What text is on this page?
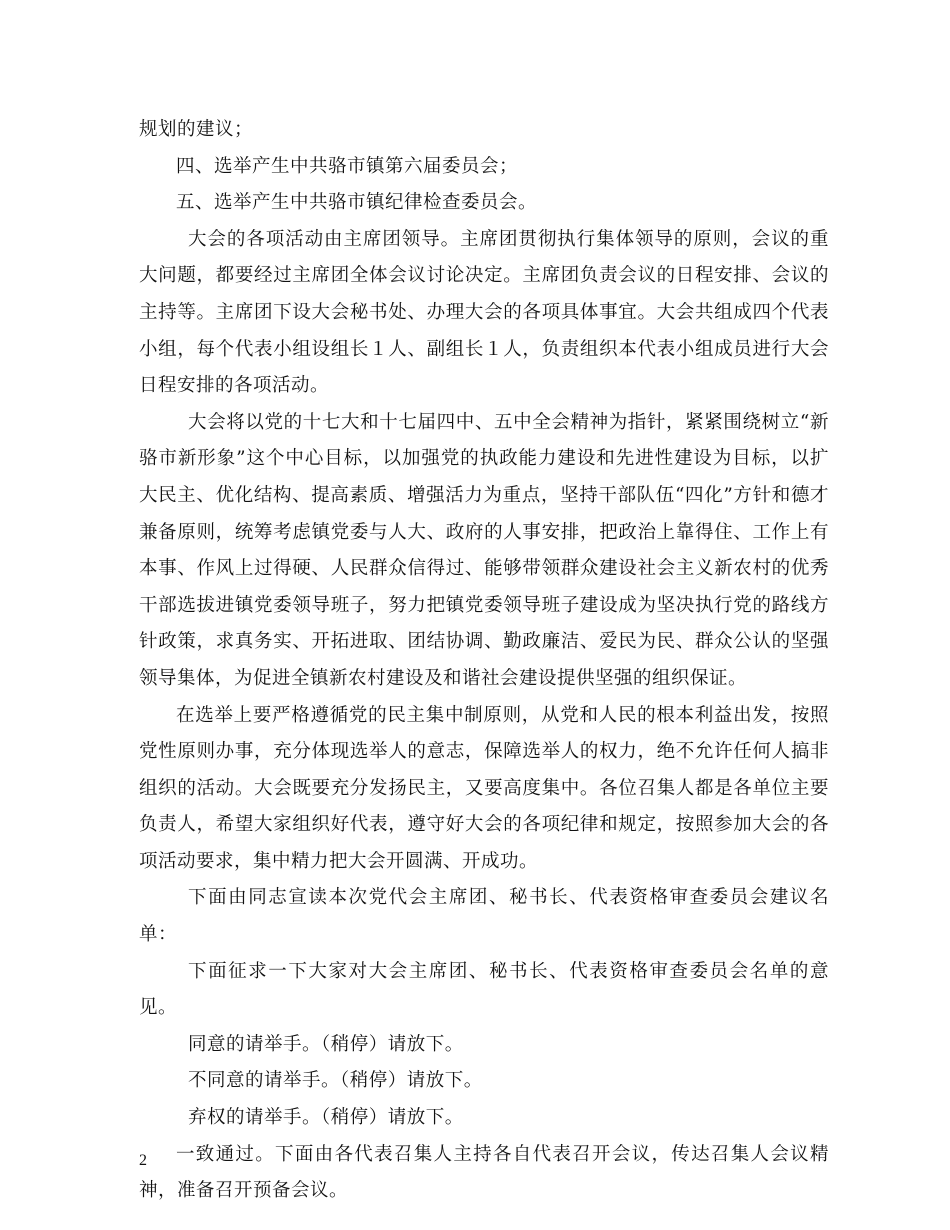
规划的建议；

四、选举产生中共骆市镇第六届委员会；

五、选举产生中共骆市镇纪律检查委员会。

大会的各项活动由主席团领导。主席团贯彻执行集体领导的原则，会议的重大问题，都要经过主席团全体会议讨论决定。主席团负责会议的日程安排、会议的主持等。主席团下设大会秘书处、办理大会的各项具体事宜。大会共组成四个代表小组，每个代表小组设组长１人、副组长１人，负责组织本代表小组成员进行大会日程安排的各项活动。

大会将以党的十七大和十七届四中、五中全会精神为指针，紧紧围绕树立“新骆市新形象”这个中心目标，以加强党的执政能力建设和先进性建设为目标，以扩大民主、优化结构、提高素质、增强活力为重点，坚持干部队伍“四化”方针和德才兼备原则，统筹考虑镇党委与人大、政府的人事安排，把政治上靠得住、工作上有本事、作风上过得硬、人民群众信得过、能够带领群众建设社会主义新农村的优秀干部选拔进镇党委领导班子，努力把镇党委领导班子建设成为坚决执行党的路线方针政策，求真务实、开拓进取、团结协调、勤政廉洁、爱民为民、群众公认的坚强领导集体，为促进全镇新农村建设及和谐社会建设提供坚强的组织保证。

在选举上要严格遵循党的民主集中制原则，从党和人民的根本利益出发，按照党性原则办事，充分体现选举人的意志，保障选举人的权力，绝不允许任何人搞非组织的活动。大会既要充分发扬民主，又要高度集中。各位召集人都是各单位主要负责人，希望大家组织好代表，遵守好大会的各项纪律和规定，按照参加大会的各项活动要求，集中精力把大会开圆满、开成功。

下面由同志宣读本次党代会主席团、秘书长、代表资格审查委员会建议名单：

下面征求一下大家对大会主席团、秘书长、代表资格审查委员会名单的意见。

同意的请举手。（稍停）请放下。

不同意的请举手。（稍停）请放下。

弃权的请举手。（稍停）请放下。

一致通过。下面由各代表召集人主持各自代表召开会议，传达召集人会议精神，准备召开预备会议。

2
